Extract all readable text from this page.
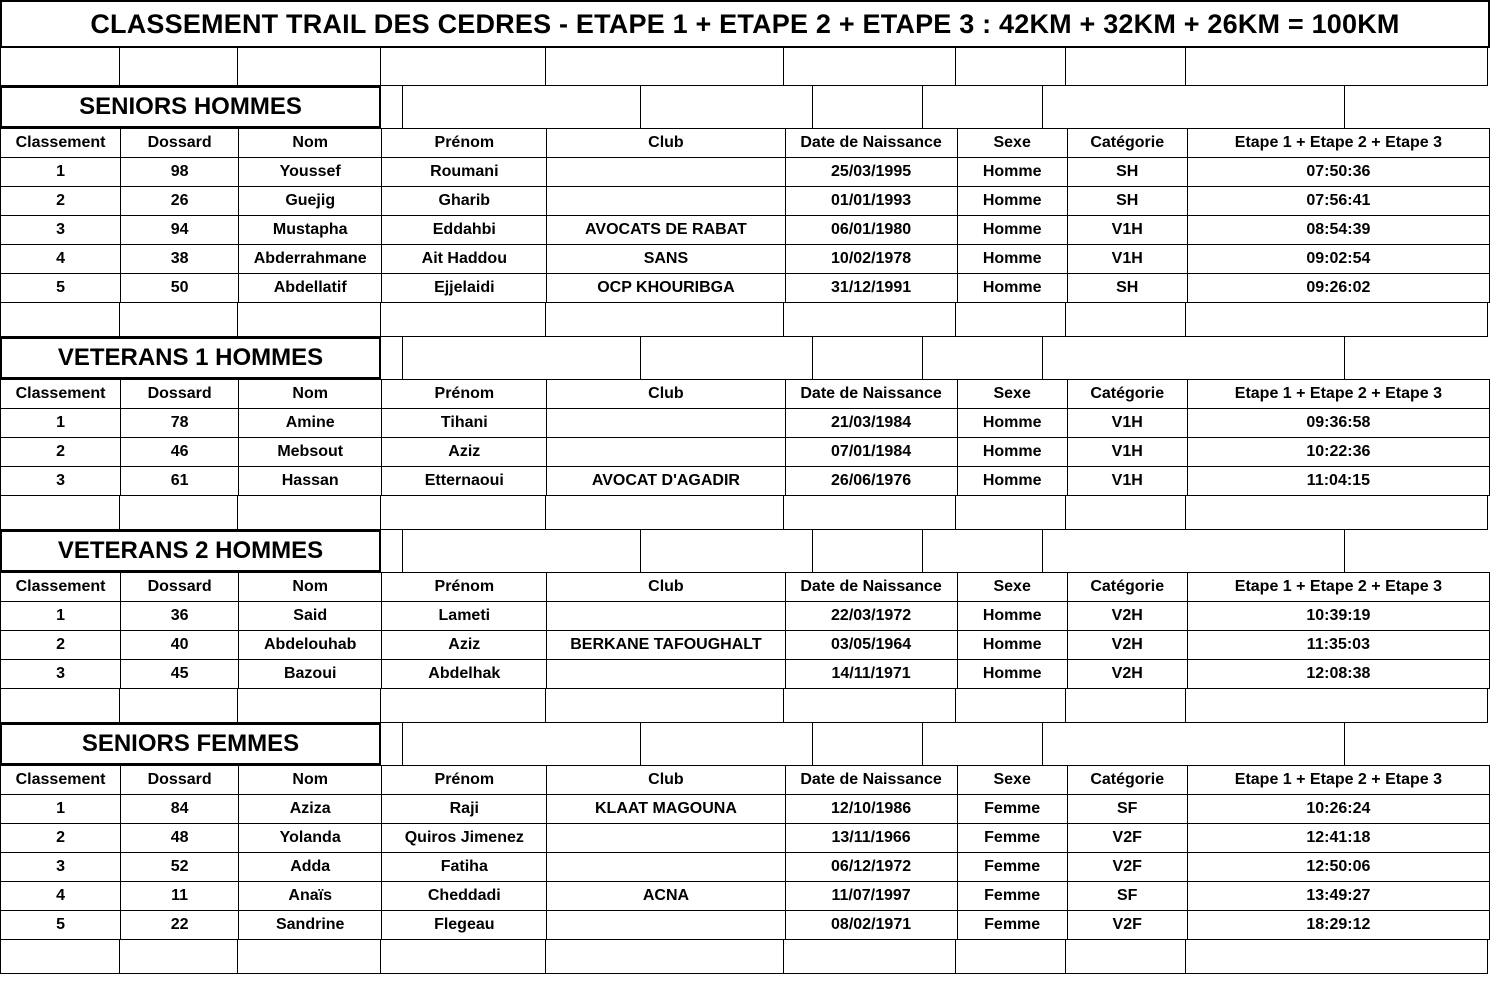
CLASSEMENT TRAIL DES CEDRES - ETAPE 1 + ETAPE 2 + ETAPE 3 : 42KM + 32KM + 26KM = 100KM
SENIORS HOMMES
Classement	Dossard	Nom	Prénom	Club	Date de Naissance	Sexe	Catégorie	Etape 1 + Etape 2 + Etape 3
1	98	Youssef	Roumani		25/03/1995	Homme	SH	07:50:36
2	26	Guejig	Gharib		01/01/1993	Homme	SH	07:56:41
3	94	Mustapha	Eddahbi	AVOCATS DE RABAT	06/01/1980	Homme	V1H	08:54:39
4	38	Abderrahmane	Ait Haddou	SANS	10/02/1978	Homme	V1H	09:02:54
5	50	Abdellatif	Ejjelaidi	OCP KHOURIBGA	31/12/1991	Homme	SH	09:26:02
VETERANS 1 HOMMES
Classement	Dossard	Nom	Prénom	Club	Date de Naissance	Sexe	Catégorie	Etape 1 + Etape 2 + Etape 3
1	78	Amine	Tihani		21/03/1984	Homme	V1H	09:36:58
2	46	Mebsout	Aziz		07/01/1984	Homme	V1H	10:22:36
3	61	Hassan	Etternaoui	AVOCAT D'AGADIR	26/06/1976	Homme	V1H	11:04:15
VETERANS 2 HOMMES
Classement	Dossard	Nom	Prénom	Club	Date de Naissance	Sexe	Catégorie	Etape 1 + Etape 2 + Etape 3
1	36	Said	Lameti		22/03/1972	Homme	V2H	10:39:19
2	40	Abdelouhab	Aziz	BERKANE TAFOUGHALT	03/05/1964	Homme	V2H	11:35:03
3	45	Bazoui	Abdelhak		14/11/1971	Homme	V2H	12:08:38
SENIORS FEMMES
Classement	Dossard	Nom	Prénom	Club	Date de Naissance	Sexe	Catégorie	Etape 1 + Etape 2 + Etape 3
1	84	Aziza	Raji	KLAAT MAGOUNA	12/10/1986	Femme	SF	10:26:24
2	48	Yolanda	Quiros Jimenez		13/11/1966	Femme	V2F	12:41:18
3	52	Adda	Fatiha		06/12/1972	Femme	V2F	12:50:06
4	11	Anaïs	Cheddadi	ACNA	11/07/1997	Femme	SF	13:49:27
5	22	Sandrine	Flegeau		08/02/1971	Femme	V2F	18:29:12
